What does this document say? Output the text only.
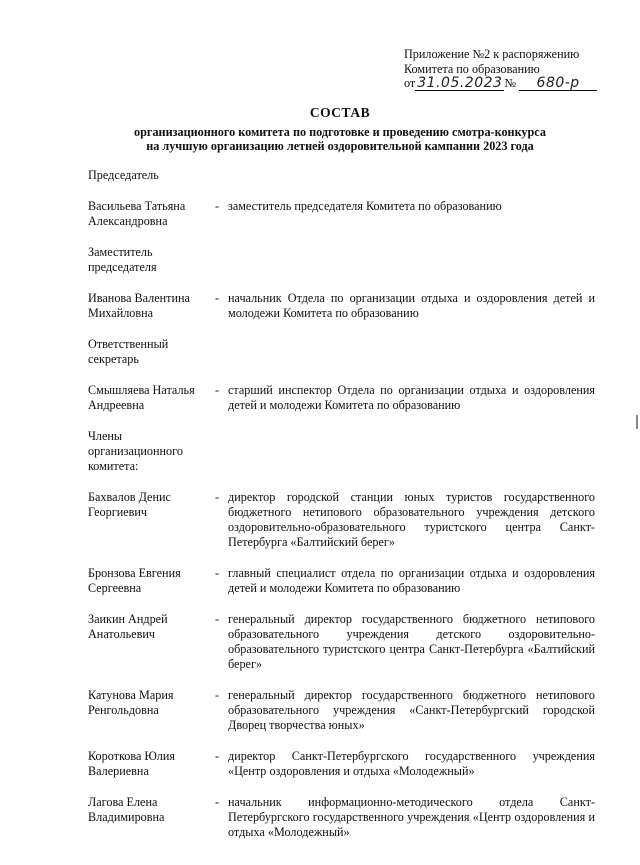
Приложение №2 к распоряжению
Комитета по образованию
от 31.05.2023 № 680-р
СОСТАВ
организационного комитета по подготовке и проведению смотра-конкурса
на лучшую организацию летней оздоровительной кампании 2023 года
Председатель
Васильева Татьяна Александровна
- заместитель председателя Комитета по образованию
Заместитель председателя
Иванова Валентина Михайловна
- начальник Отдела по организации отдыха и оздоровления детей и молодежи Комитета по образованию
Ответственный секретарь
Смышляева Наталья Андреевна
- старший инспектор Отдела по организации отдыха и оздоровления детей и молодежи Комитета по образованию
Члены организационного комитета:
Бахвалов Денис Георгиевич
- директор городской станции юных туристов государственного бюджетного нетипового образовательного учреждения детского оздоровительно-образовательного туристского центра Санкт-Петербурга «Балтийский берег»
Бронзова Евгения Сергеевна
- главный специалист отдела по организации отдыха и оздоровления детей и молодежи Комитета по образованию
Заикин Андрей Анатольевич
- генеральный директор государственного бюджетного нетипового образовательного учреждения детского оздоровительно-образовательного туристского центра Санкт-Петербурга «Балтийский берег»
Катунова Мария Ренгольдовна
- генеральный директор государственного бюджетного нетипового образовательного учреждения «Санкт-Петербургский городской Дворец творчества юных»
Короткова Юлия Валериевна
- директор Санкт-Петербургского государственного учреждения «Центр оздоровления и отдыха «Молодежный»
Лагова Елена Владимировна
- начальник информационно-методического отдела Санкт-Петербургского государственного учреждения «Центр оздоровления и отдыха «Молодежный»
